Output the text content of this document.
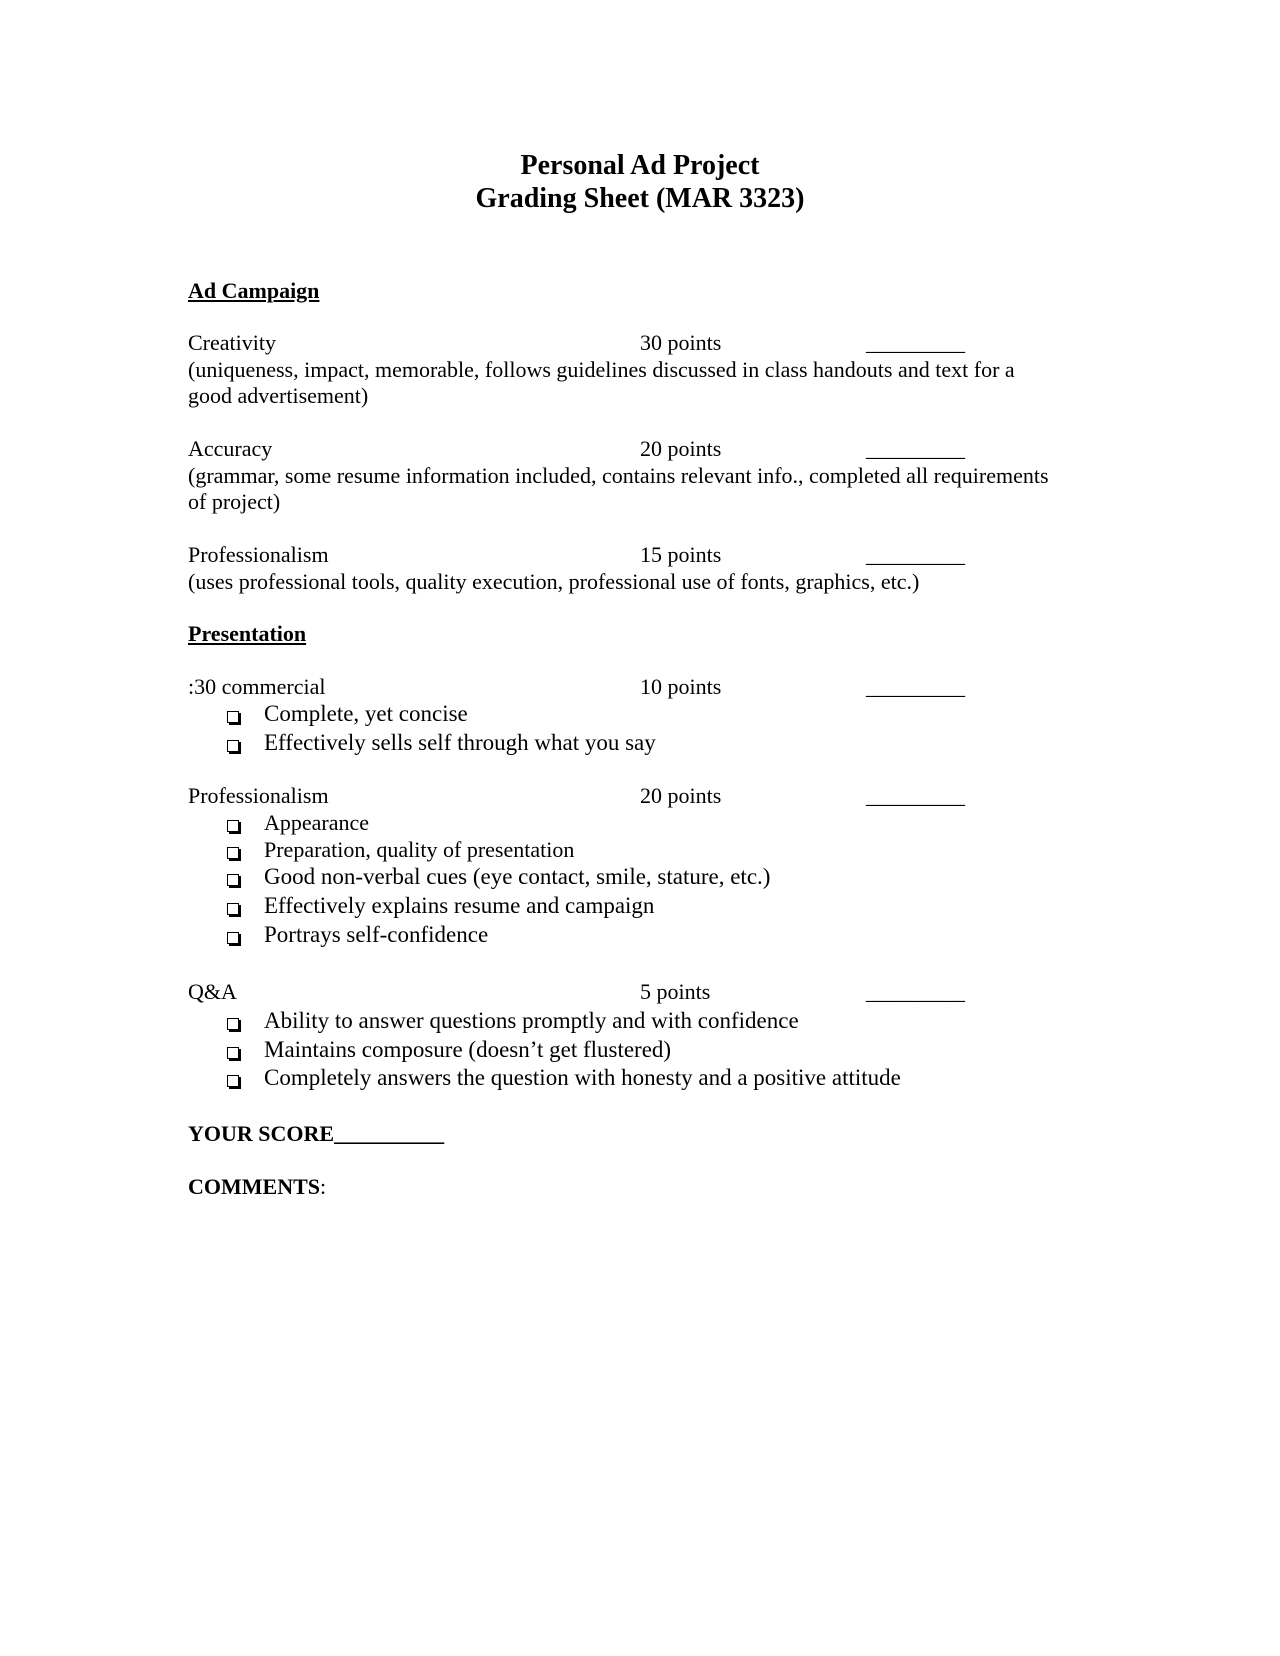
Personal Ad Project
Grading Sheet (MAR 3323)
Ad Campaign
Creativity	30 points	_________
(uniqueness, impact, memorable, follows guidelines discussed in class handouts and text for a
good advertisement)
Accuracy	20 points	_________
(grammar, some resume information included, contains relevant info., completed all requirements
of project)
Professionalism	15 points	_________
(uses professional tools, quality execution, professional use of fonts, graphics, etc.)
Presentation
:30 commercial	10 points	_________
Complete, yet concise
Effectively sells self through what you say
Professionalism	20 points	_________
Appearance
Preparation, quality of presentation
Good non-verbal cues (eye contact, smile, stature, etc.)
Effectively explains resume and campaign
Portrays self-confidence
Q&A	5 points	_________
Ability to answer questions promptly and with confidence
Maintains composure (doesn’t get flustered)
Completely answers the question with honesty and a positive attitude
YOUR SCORE__________
COMMENTS:
